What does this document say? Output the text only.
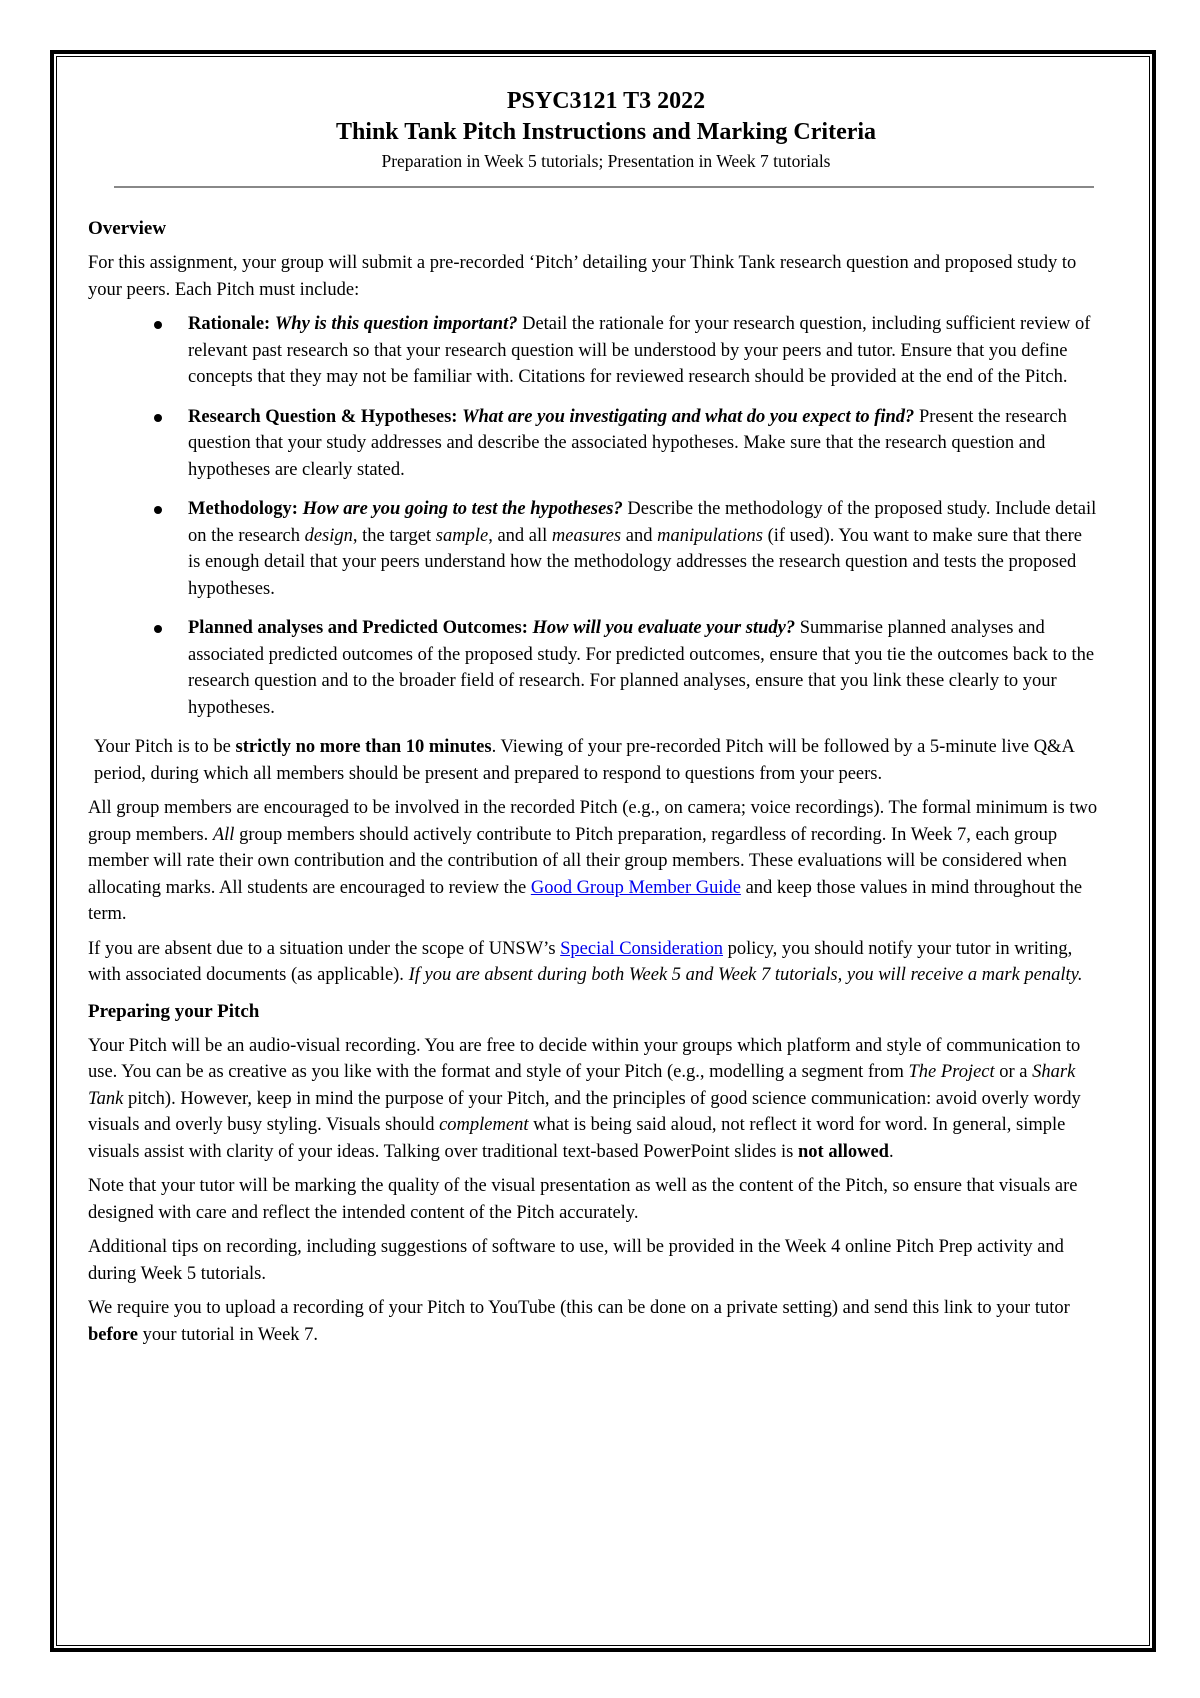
PSYC3121 T3 2022
Think Tank Pitch Instructions and Marking Criteria
Preparation in Week 5 tutorials; Presentation in Week 7 tutorials

Overview

For this assignment, your group will submit a pre-recorded ‘Pitch’ detailing your Think Tank research question and proposed study to your peers. Each Pitch must include:

Rationale: Why is this question important? Detail the rationale for your research question, including sufficient review of relevant past research so that your research question will be understood by your peers and tutor. Ensure that you define concepts that they may not be familiar with. Citations for reviewed research should be provided at the end of the Pitch.
Research Question & Hypotheses: What are you investigating and what do you expect to find? Present the research question that your study addresses and describe the associated hypotheses. Make sure that the research question and hypotheses are clearly stated.
Methodology: How are you going to test the hypotheses? Describe the methodology of the proposed study. Include detail on the research design, the target sample, and all measures and manipulations (if used). You want to make sure that there is enough detail that your peers understand how the methodology addresses the research question and tests the proposed hypotheses.
Planned analyses and Predicted Outcomes: How will you evaluate your study? Summarise planned analyses and associated predicted outcomes of the proposed study. For predicted outcomes, ensure that you tie the outcomes back to the research question and to the broader field of research. For planned analyses, ensure that you link these clearly to your hypotheses.

Your Pitch is to be strictly no more than 10 minutes. Viewing of your pre-recorded Pitch will be followed by a 5-minute live Q&A period, during which all members should be present and prepared to respond to questions from your peers.

All group members are encouraged to be involved in the recorded Pitch (e.g., on camera; voice recordings). The formal minimum is two group members. All group members should actively contribute to Pitch preparation, regardless of recording. In Week 7, each group member will rate their own contribution and the contribution of all their group members. These evaluations will be considered when allocating marks. All students are encouraged to review the Good Group Member Guide and keep those values in mind throughout the term.

If you are absent due to a situation under the scope of UNSW’s Special Consideration policy, you should notify your tutor in writing, with associated documents (as applicable). If you are absent during both Week 5 and Week 7 tutorials, you will receive a mark penalty.

Preparing your Pitch

Your Pitch will be an audio-visual recording. You are free to decide within your groups which platform and style of communication to use. You can be as creative as you like with the format and style of your Pitch (e.g., modelling a segment from The Project or a Shark Tank pitch). However, keep in mind the purpose of your Pitch, and the principles of good science communication: avoid overly wordy visuals and overly busy styling. Visuals should complement what is being said aloud, not reflect it word for word. In general, simple visuals assist with clarity of your ideas. Talking over traditional text-based PowerPoint slides is not allowed.

Note that your tutor will be marking the quality of the visual presentation as well as the content of the Pitch, so ensure that visuals are designed with care and reflect the intended content of the Pitch accurately.

Additional tips on recording, including suggestions of software to use, will be provided in the Week 4 online Pitch Prep activity and during Week 5 tutorials.

We require you to upload a recording of your Pitch to YouTube (this can be done on a private setting) and send this link to your tutor before your tutorial in Week 7.
